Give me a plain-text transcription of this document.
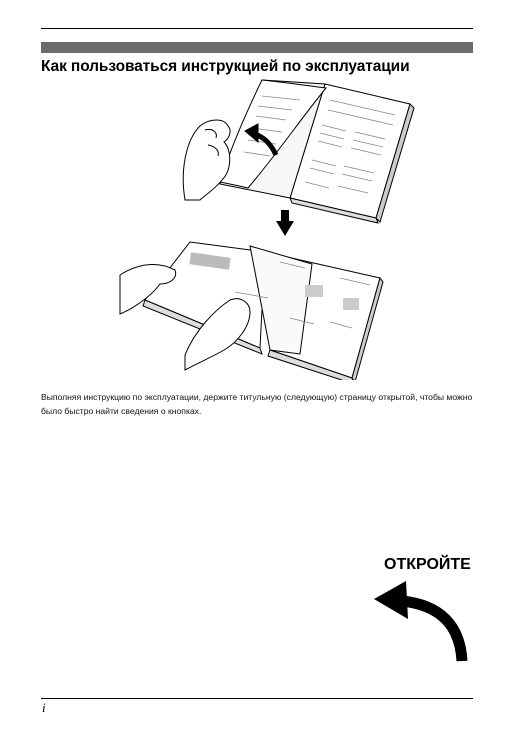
Как пользоваться инструкцией по эксплуатации
Выполняя инструкцию по эксплуатации, держите титульную (следующую) страницу открытой, чтобы можно было быстро найти сведения о кнопках.
ОТКРОЙТЕ
i
